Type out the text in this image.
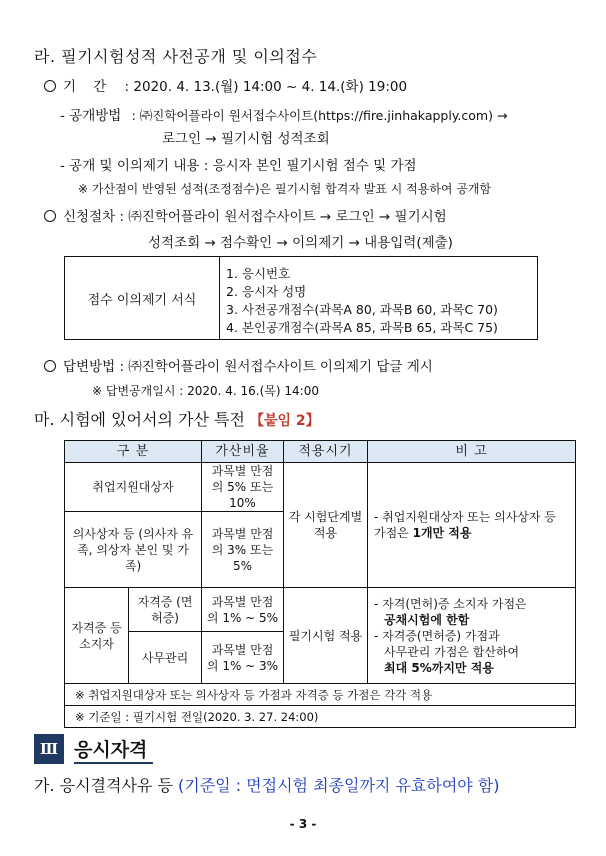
라. 필기시험성적 사전공개 및 이의접수
기    간 : 2020. 4. 13.(월) 14:00 ~ 4. 14.(화) 19:00
- 공개방법 : ㈜진학어플라이 원서접수사이트(https://fire.jinhakapply.com) →
로그인 → 필기시험 성적조회
- 공개 및 이의제기 내용 : 응시자 본인 필기시험 점수 및 가점
※ 가산점이 반영된 성적(조정점수)은 필기시험 합격자 발표 시 적용하여 공개함
신청절차 : ㈜진학어플라이 원서접수사이트 → 로그인 → 필기시험
성적조회 → 점수확인 → 이의제기 → 내용입력(제출)
점수 이의제기 서식
1. 응시번호
2. 응시자 성명
3. 사전공개점수(과목A 80, 과목B 60, 과목C 70)
4. 본인공개점수(과목A 85, 과목B 65, 과목C 75)
답변방법 : ㈜진학어플라이 원서접수사이트 이의제기 답글 게시
※ 답변공개일시 : 2020. 4. 16.(목) 14:00
마. 시험에 있어서의 가산 특전 【붙임 2】
구 분		가산비율	적용시기	비 고
취업지원대상자		과목별 만점의 5% 또는 10%	각 시험단계별 적용	- 취업지원대상자 또는 의사상자 등 가점은 1개만 적용
의사상자 등 (의사자 유족, 의상자 본인 및 가족)		과목별 만점의 3% 또는 5%		
자격증 등 소지자	자격증 (면허증)	과목별 만점의 1% ~ 5%	필기시험 적용	- 자격(면허)증 소지자 가점은
공채시험에 한함
- 자격증(면허증) 가점과
사무관리 가점은 합산하여
최대 5%까지만 적용

	사무관리	과목별 만점의 1% ~ 3%		
※ 취업지원대상자 또는 의사상자 등 가점과 자격증 등 가점은 각각 적용				
※ 기준일 : 필기시험 전일(2020. 3. 27. 24:00)				
Ⅲ 응시자격
가. 응시결격사유 등 (기준일 : 면접시험 최종일까지 유효하여야 함)
- 3 -
